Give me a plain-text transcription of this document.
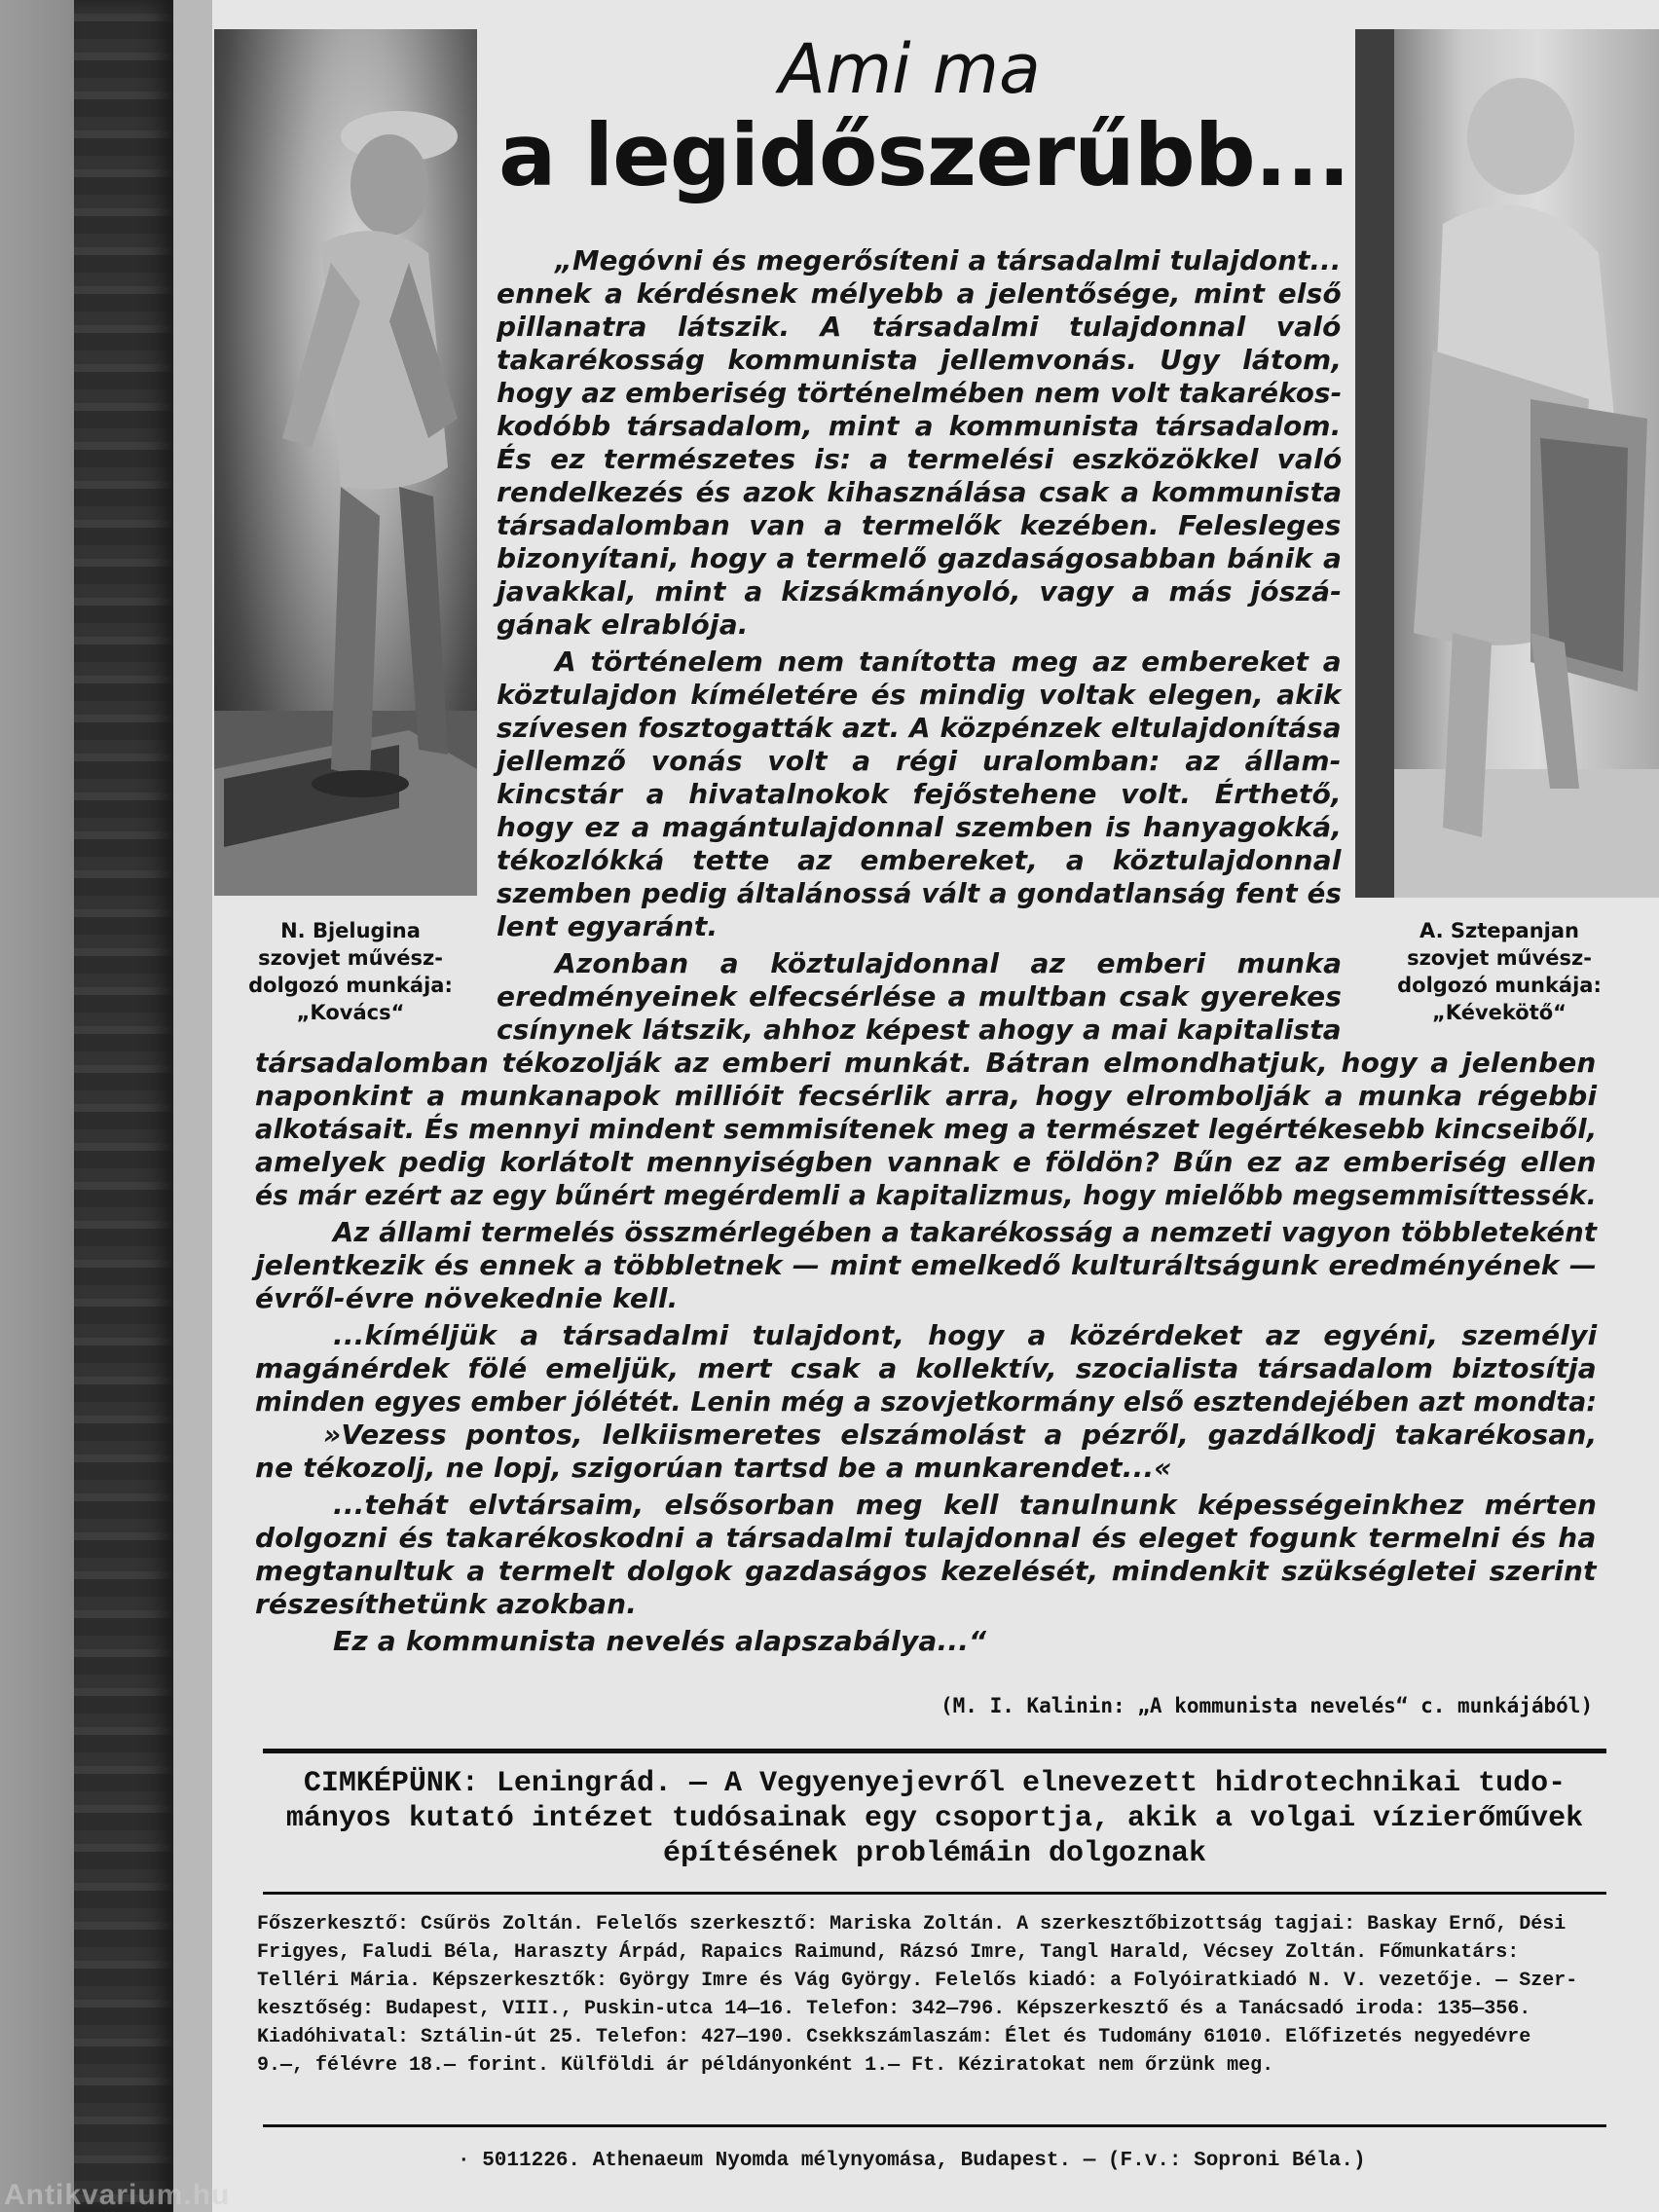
Antikvarium.hu
N. Bjelugina
szovjet művész-
dolgozó munkája:
„Kovács“
A. Sztepanjan
szovjet művész-
dolgozó munkája:
„Kévekötő“
Ami ma
a legidőszerűbb...
„Megóvni és megerősíteni a társadalmi tulajdont...
ennek a kérdésnek mélyebb a jelentősége, mint első
pillanatra látszik. A társadalmi tulajdonnal való
takarékosság kommunista jellemvonás. Ugy látom,
hogy az emberiség történelmében nem volt takarékos-
kodóbb társadalom, mint a kommunista társadalom.
És ez természetes is: a termelési eszközökkel való
rendelkezés és azok kihasználása csak a kommunista
társadalomban van a termelők kezében. Felesleges
bizonyítani, hogy a termelő gazdaságosabban bánik a
javakkal, mint a kizsákmányoló, vagy a más jószá-
gának elrablója.
A történelem nem tanította meg az embereket a
köztulajdon kíméletére és mindig voltak elegen, akik
szívesen fosztogatták azt. A közpénzek eltulajdonítása
jellemző vonás volt a régi uralomban: az állam-
kincstár a hivatalnokok fejőstehene volt. Érthető,
hogy ez a magántulajdonnal szemben is hanyagokká,
tékozlókká tette az embereket, a köztulajdonnal
szemben pedig általánossá vált a gondatlanság fent és
lent egyaránt.
Azonban a köztulajdonnal az emberi munka
eredményeinek elfecsérlése a multban csak gyerekes
csínynek látszik, ahhoz képest ahogy a mai kapitalista
társadalomban tékozolják az emberi munkát. Bátran elmondhatjuk, hogy a jelenben
naponkint a munkanapok millióit fecsérlik arra, hogy elrombolják a munka régebbi
alkotásait. És mennyi mindent semmisítenek meg a természet legértékesebb kincseiből,
amelyek pedig korlátolt mennyiségben vannak e földön? Bűn ez az emberiség ellen
és már ezért az egy bűnért megérdemli a kapitalizmus, hogy mielőbb megsemmisíttessék.
Az állami termelés összmérlegében a takarékosság a nemzeti vagyon többleteként
jelentkezik és ennek a többletnek — mint emelkedő kulturáltságunk eredményének —
évről-évre növekednie kell.
...kíméljük a társadalmi tulajdont, hogy a közérdeket az egyéni, személyi
magánérdek fölé emeljük, mert csak a kollektív, szocialista társadalom biztosítja
minden egyes ember jólétét. Lenin még a szovjetkormány első esztendejében azt mondta:
»Vezess pontos, lelkiismeretes elszámolást a pézről, gazdálkodj takarékosan,
ne tékozolj, ne lopj, szigorúan tartsd be a munkarendet...«
...tehát elvtársaim, elsősorban meg kell tanulnunk képességeinkhez mérten
dolgozni és takarékoskodni a társadalmi tulajdonnal és eleget fogunk termelni és ha
megtanultuk a termelt dolgok gazdaságos kezelését, mindenkit szükségletei szerint
részesíthetünk azokban.
Ez a kommunista nevelés alapszabálya...“
(M. I. Kalinin: „A kommunista nevelés“ c. munkájából)
CIMKÉPÜNK: Leningrád. — A Vegyenyejevről elnevezett hidrotechnikai tudo-
mányos kutató intézet tudósainak egy csoportja, akik a volgai vízierőművek
építésének problémáin dolgoznak
Főszerkesztő: Csűrös Zoltán. Felelős szerkesztő: Mariska Zoltán. A szerkesztőbizottság tagjai: Baskay Ernő, Dési
Frigyes, Faludi Béla, Haraszty Árpád, Rapaics Raimund, Rázsó Imre, Tangl Harald, Vécsey Zoltán. Főmunkatárs:
Telléri Mária. Képszerkesztők: György Imre és Vág György. Felelős kiadó: a Folyóiratkiadó N. V. vezetője. — Szer-
kesztőség: Budapest, VIII., Puskin-utca 14—16. Telefon: 342—796. Képszerkesztő és a Tanácsadó iroda: 135—356.
Kiadóhivatal: Sztálin-út 25. Telefon: 427—190. Csekkszámlaszám: Élet és Tudomány 61010. Előfizetés negyedévre
9.—, félévre 18.— forint. Külföldi ár példányonként 1.— Ft. Kéziratokat nem őrzünk meg.
· 5011226. Athenaeum Nyomda mélynyomása, Budapest. — (F.v.: Soproni Béla.)
